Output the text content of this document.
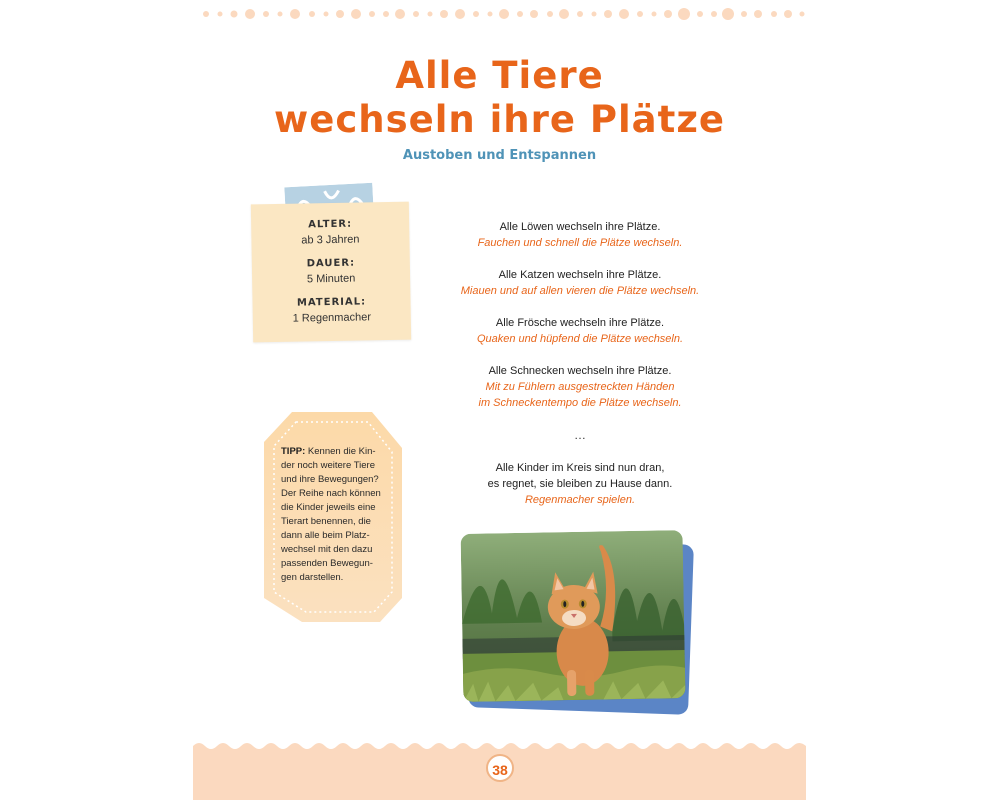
Alle Tiere
wechseln ihre Plätze
Austoben und Entspannen
ALTER:
ab 3 Jahren
DAUER:
5 Minuten
MATERIAL:
1 Regenmacher
TIPP: Kennen die Kin-
der noch weitere Tiere
und ihre Bewegungen?
Der Reihe nach können
die Kinder jeweils eine
Tierart benennen, die
dann alle beim Platz-
wechsel mit den dazu
passenden Bewegun-
gen darstellen.
Alle Löwen wechseln ihre Plätze.
Fauchen und schnell die Plätze wechseln.
Alle Katzen wechseln ihre Plätze.
Miauen und auf allen vieren die Plätze wechseln.
Alle Frösche wechseln ihre Plätze.
Quaken und hüpfend die Plätze wechseln.
Alle Schnecken wechseln ihre Plätze.
Mit zu Fühlern ausgestreckten Händen
im Schneckentempo die Plätze wechseln.
…
Alle Kinder im Kreis sind nun dran,
es regnet, sie bleiben zu Hause dann.
Regenmacher spielen.
38
